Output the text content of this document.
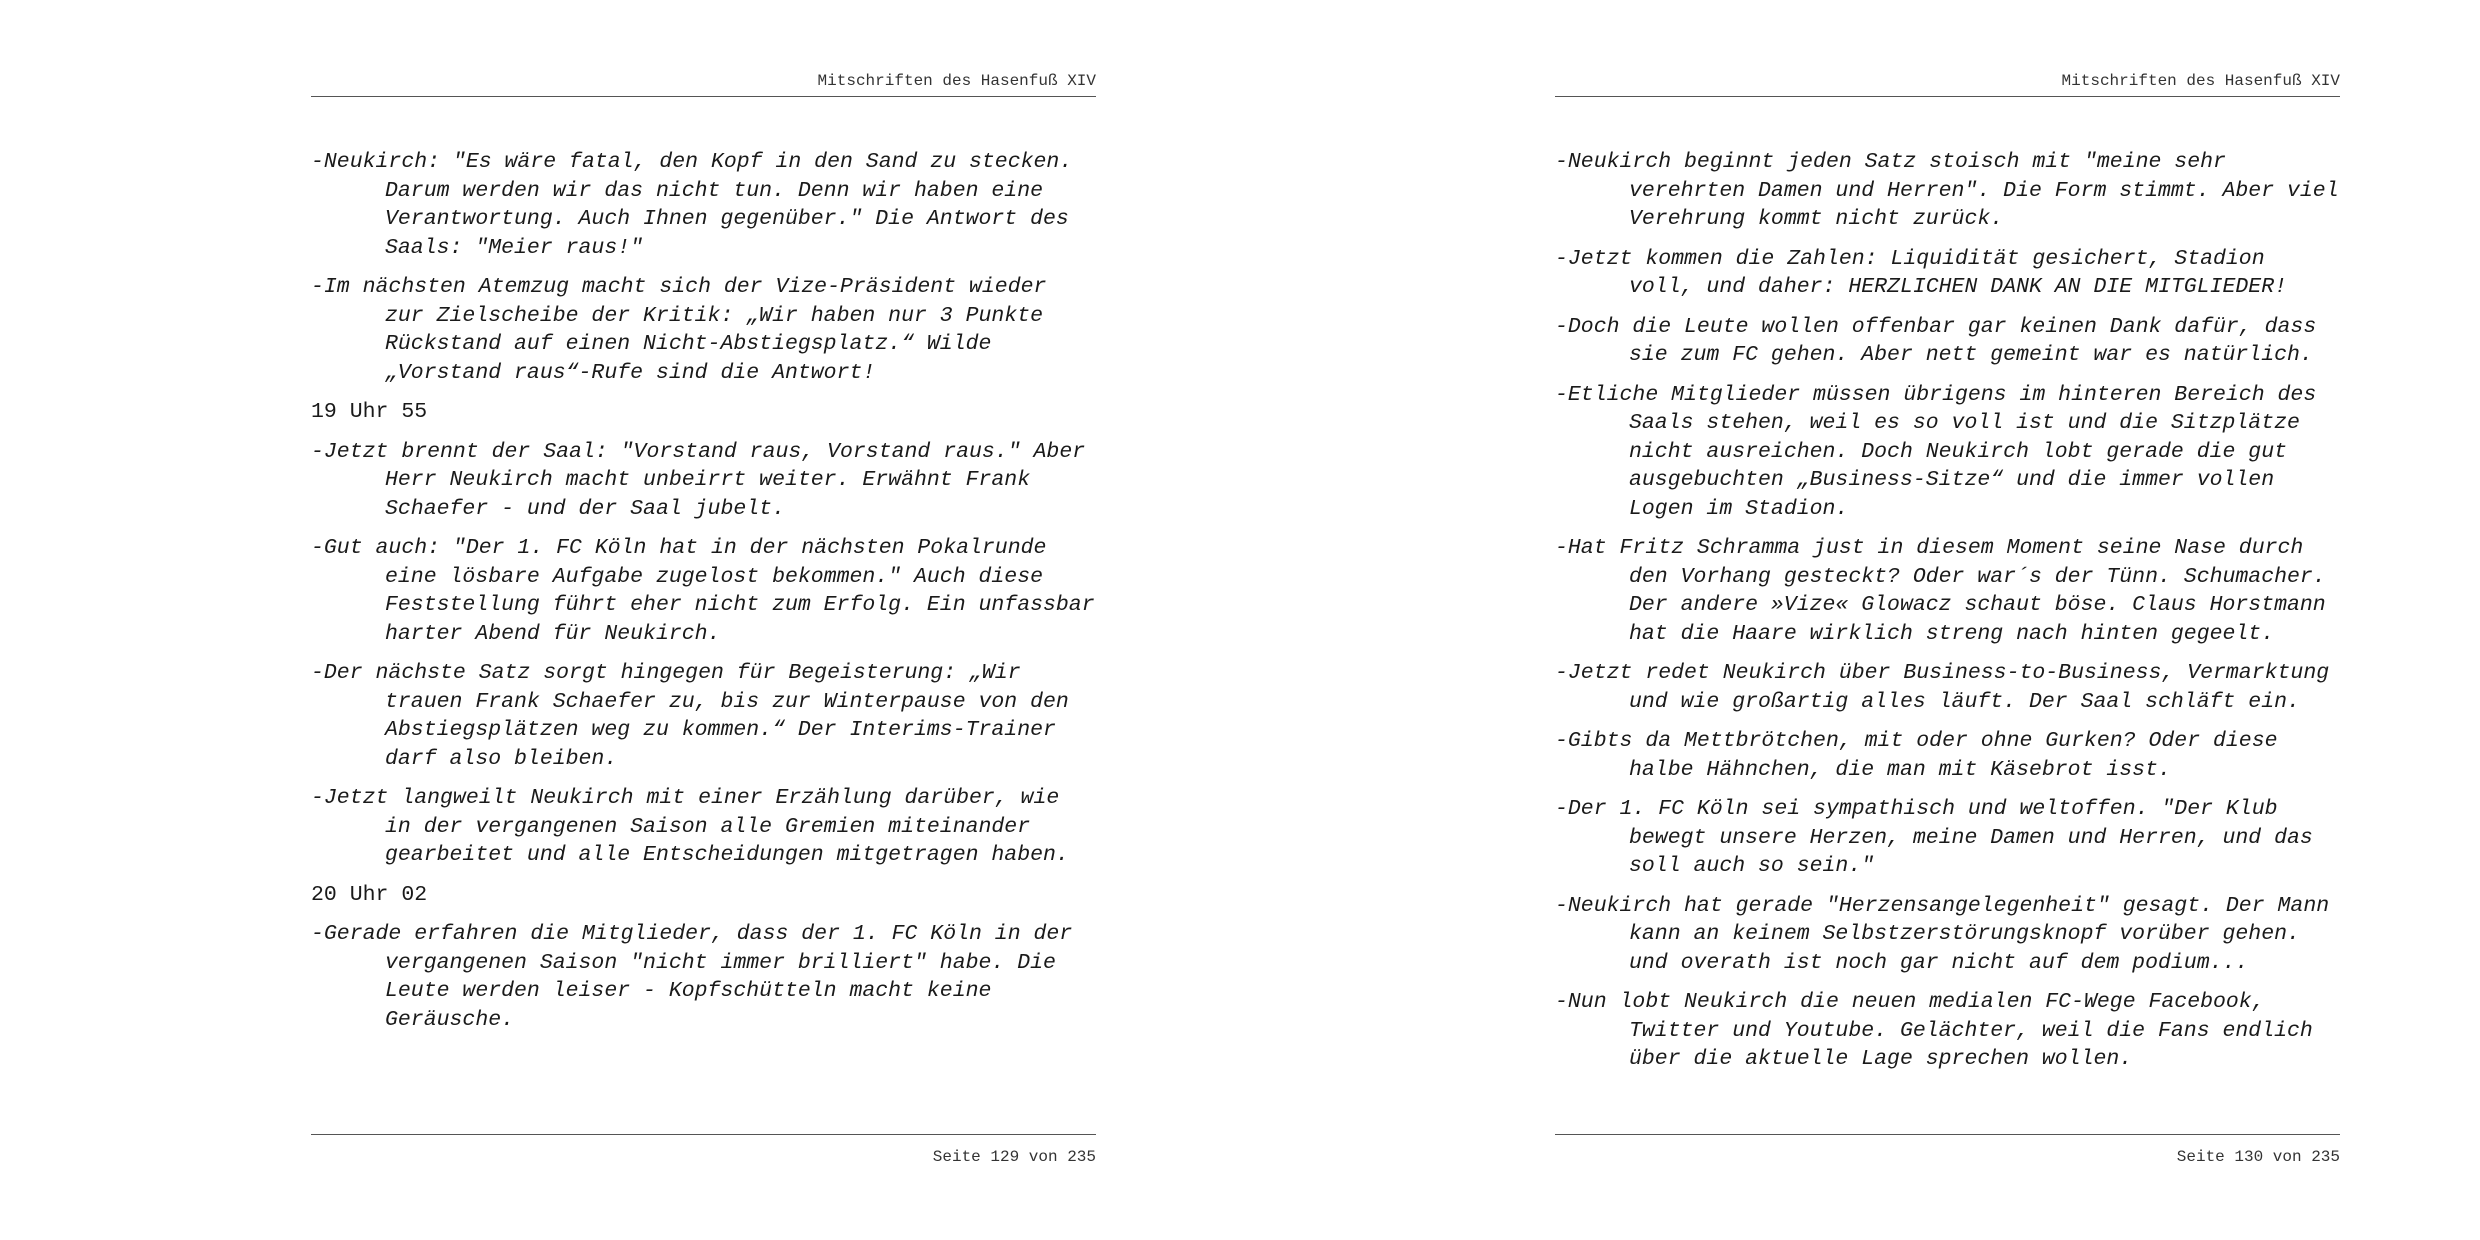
Mitschriften des Hasenfuß XIV

-Neukirch: "Es wäre fatal, den Kopf in den Sand zu stecken. Darum werden wir das nicht tun. Denn wir haben eine Verantwortung. Auch Ihnen gegenüber." Die Antwort des Saals: "Meier raus!"

-Im nächsten Atemzug macht sich der Vize-Präsident wieder zur Zielscheibe der Kritik: „Wir haben nur 3 Punkte Rückstand auf einen Nicht-Abstiegsplatz.“ Wilde „Vorstand raus“-Rufe sind die Antwort!

19 Uhr 55

-Jetzt brennt der Saal: "Vorstand raus, Vorstand raus." Aber Herr Neukirch macht unbeirrt weiter. Erwähnt Frank Schaefer - und der Saal jubelt.

-Gut auch: "Der 1. FC Köln hat in der nächsten Pokalrunde eine lösbare Aufgabe zugelost bekommen." Auch diese Feststellung führt eher nicht zum Erfolg. Ein unfassbar harter Abend für Neukirch.

-Der nächste Satz sorgt hingegen für Begeisterung: „Wir trauen Frank Schaefer zu, bis zur Winterpause von den Abstiegsplätzen weg zu kommen.“ Der Interims-Trainer darf also bleiben.

-Jetzt langweilt Neukirch mit einer Erzählung darüber, wie in der vergangenen Saison alle Gremien miteinander gearbeitet und alle Entscheidungen mitgetragen haben.

20 Uhr 02

-Gerade erfahren die Mitglieder, dass der 1. FC Köln in der vergangenen Saison "nicht immer brilliert" habe. Die Leute werden leiser - Kopfschütteln macht keine Geräusche.

Seite 129 von 235
Mitschriften des Hasenfuß XIV

-Neukirch beginnt jeden Satz stoisch mit "meine sehr verehrten Damen und Herren". Die Form stimmt. Aber viel Verehrung kommt nicht zurück.

-Jetzt kommen die Zahlen: Liquidität gesichert, Stadion voll, und daher: HERZLICHEN DANK AN DIE MITGLIEDER!

-Doch die Leute wollen offenbar gar keinen Dank dafür, dass sie zum FC gehen. Aber nett gemeint war es natürlich.

-Etliche Mitglieder müssen übrigens im hinteren Bereich des Saals stehen, weil es so voll ist und die Sitzplätze nicht ausreichen. Doch Neukirch lobt gerade die gut ausgebuchten „Business-Sitze“ und die immer vollen Logen im Stadion.

-Hat Fritz Schramma just in diesem Moment seine Nase durch den Vorhang gesteckt? Oder war´s der Tünn. Schumacher. Der andere »Vize« Glowacz schaut böse. Claus Horstmann hat die Haare wirklich streng nach hinten gegeelt.

-Jetzt redet Neukirch über Business-to-Business, Vermarktung und wie großartig alles läuft. Der Saal schläft ein.

-Gibts da Mettbrötchen, mit oder ohne Gurken? Oder diese halbe Hähnchen, die man mit Käsebrot isst.

-Der 1. FC Köln sei sympathisch und weltoffen. "Der Klub bewegt unsere Herzen, meine Damen und Herren, und das soll auch so sein."

-Neukirch hat gerade "Herzensangelegenheit" gesagt. Der Mann kann an keinem Selbstzerstörungsknopf vorüber gehen. und overath ist noch gar nicht auf dem podium...

-Nun lobt Neukirch die neuen medialen FC-Wege Facebook, Twitter und Youtube. Gelächter, weil die Fans endlich über die aktuelle Lage sprechen wollen.

Seite 130 von 235
